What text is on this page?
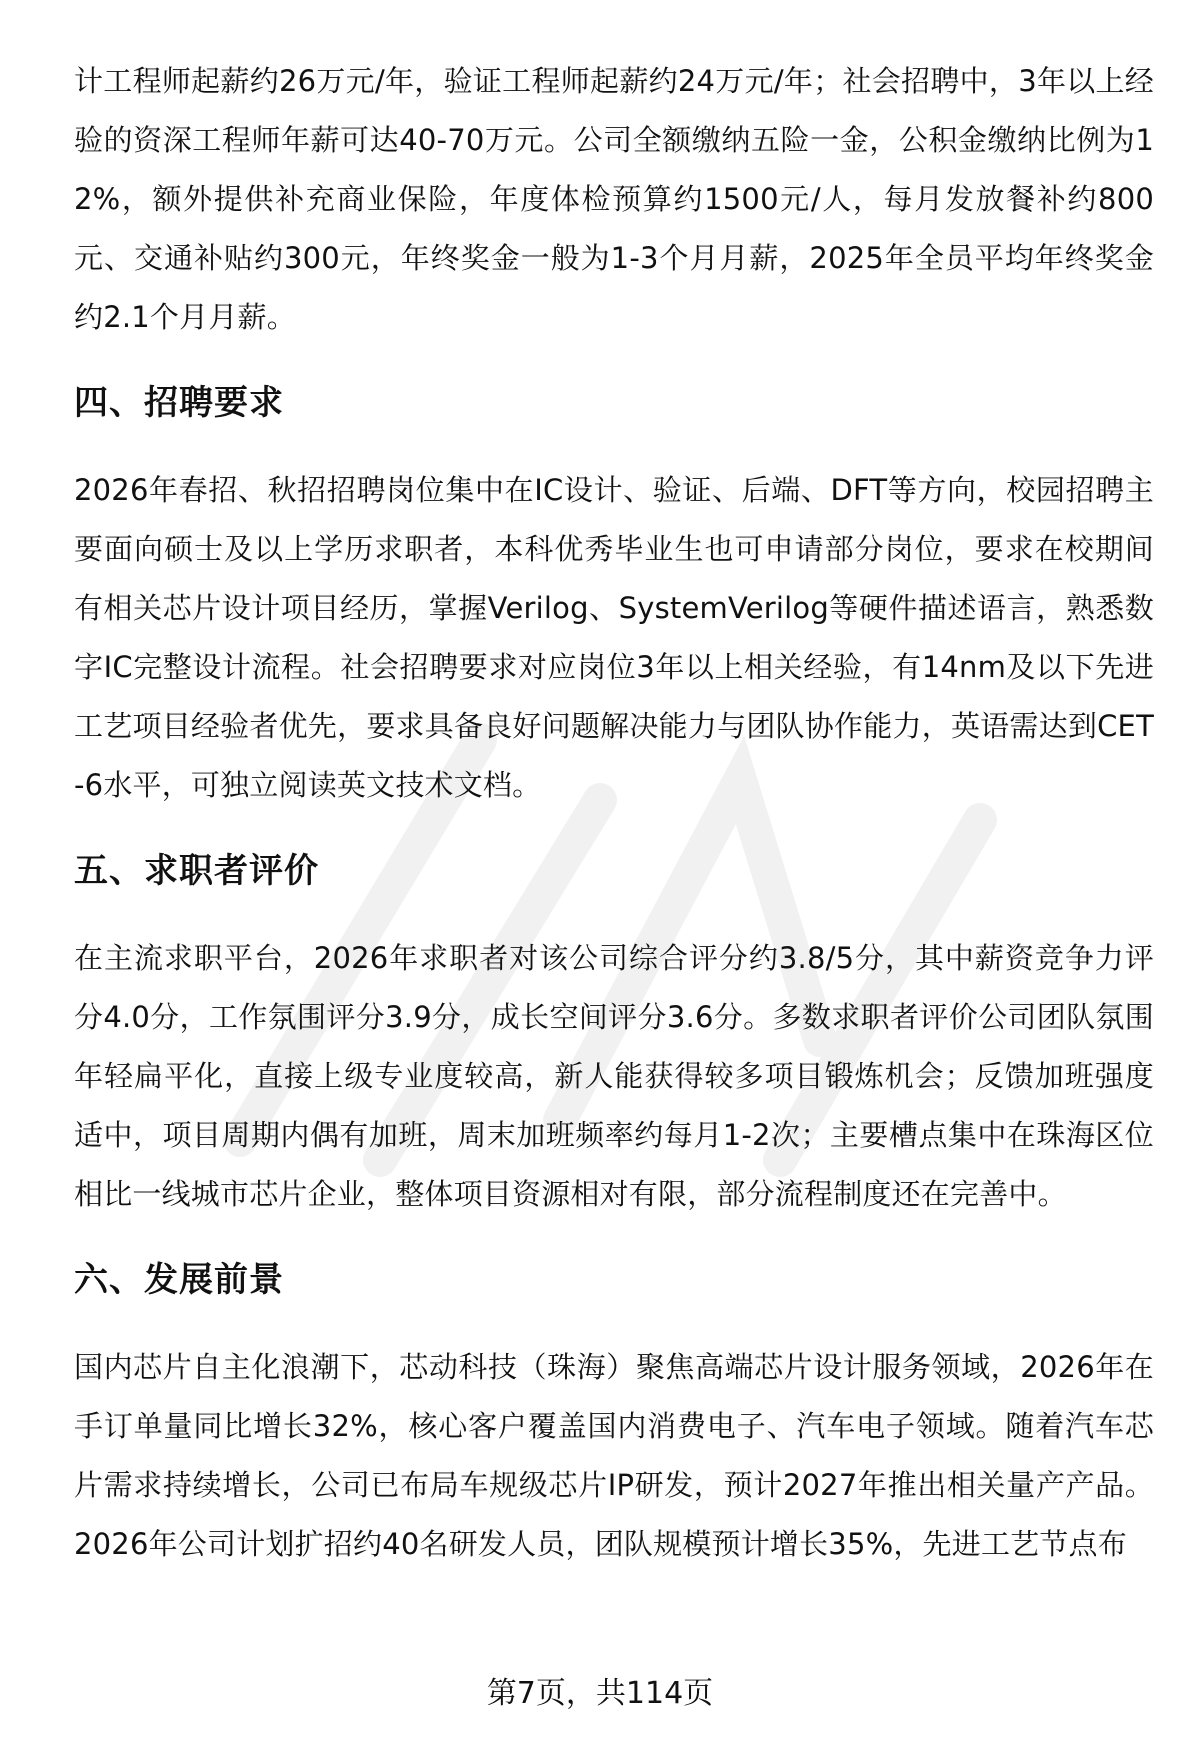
计工程师起薪约26万元/年，验证工程师起薪约24万元/年；社会招聘中，3年以上经验的资深工程师年薪可达40-70万元。公司全额缴纳五险一金，公积金缴纳比例为12%，额外提供补充商业保险，年度体检预算约1500元/人，每月发放餐补约800元、交通补贴约300元，年终奖金一般为1-3个月月薪，2025年全员平均年终奖金约2.1个月月薪。

四、招聘要求

2026年春招、秋招招聘岗位集中在IC设计、验证、后端、DFT等方向，校园招聘主要面向硕士及以上学历求职者，本科优秀毕业生也可申请部分岗位，要求在校期间有相关芯片设计项目经历，掌握Verilog、SystemVerilog等硬件描述语言，熟悉数字IC完整设计流程。社会招聘要求对应岗位3年以上相关经验，有14nm及以下先进工艺项目经验者优先，要求具备良好问题解决能力与团队协作能力，英语需达到CET-6水平，可独立阅读英文技术文档。

五、求职者评价

在主流求职平台，2026年求职者对该公司综合评分约3.8/5分，其中薪资竞争力评分4.0分，工作氛围评分3.9分，成长空间评分3.6分。多数求职者评价公司团队氛围年轻扁平化，直接上级专业度较高，新人能获得较多项目锻炼机会；反馈加班强度适中，项目周期内偶有加班，周末加班频率约每月1-2次；主要槽点集中在珠海区位相比一线城市芯片企业，整体项目资源相对有限，部分流程制度还在完善中。

六、发展前景

国内芯片自主化浪潮下，芯动科技（珠海）聚焦高端芯片设计服务领域，2026年在手订单量同比增长32%，核心客户覆盖国内消费电子、汽车电子领域。随着汽车芯片需求持续增长，公司已布局车规级芯片IP研发，预计2027年推出相关量产产品。2026年公司计划扩招约40名研发人员，团队规模预计增长35%，先进工艺节点布

第7页，共114页
